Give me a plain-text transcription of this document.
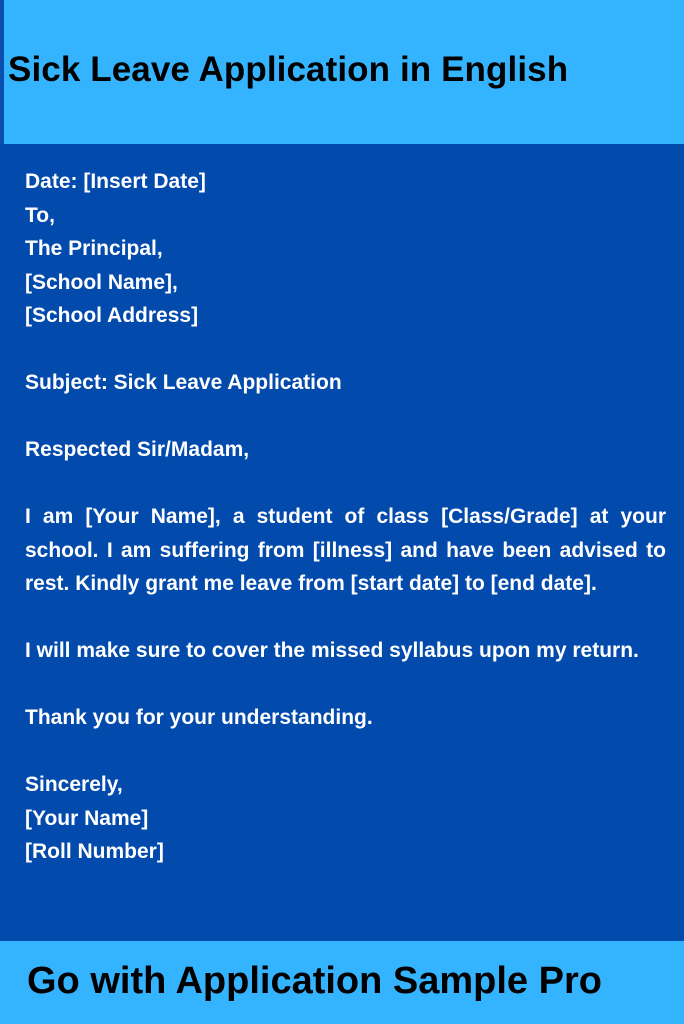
Sick Leave Application in English

Date: [Insert Date]

To,

The Principal,

[School Name],

[School Address]

Subject: Sick Leave Application

Respected Sir/Madam,

I am [Your Name], a student of class [Class/Grade] at your school. I am suffering from [illness] and have been advised to rest. Kindly grant me leave from [start date] to [end date].

I will make sure to cover the missed syllabus upon my return.

Thank you for your understanding.

Sincerely,

[Your Name]

[Roll Number]

Go with Application Sample Pro
